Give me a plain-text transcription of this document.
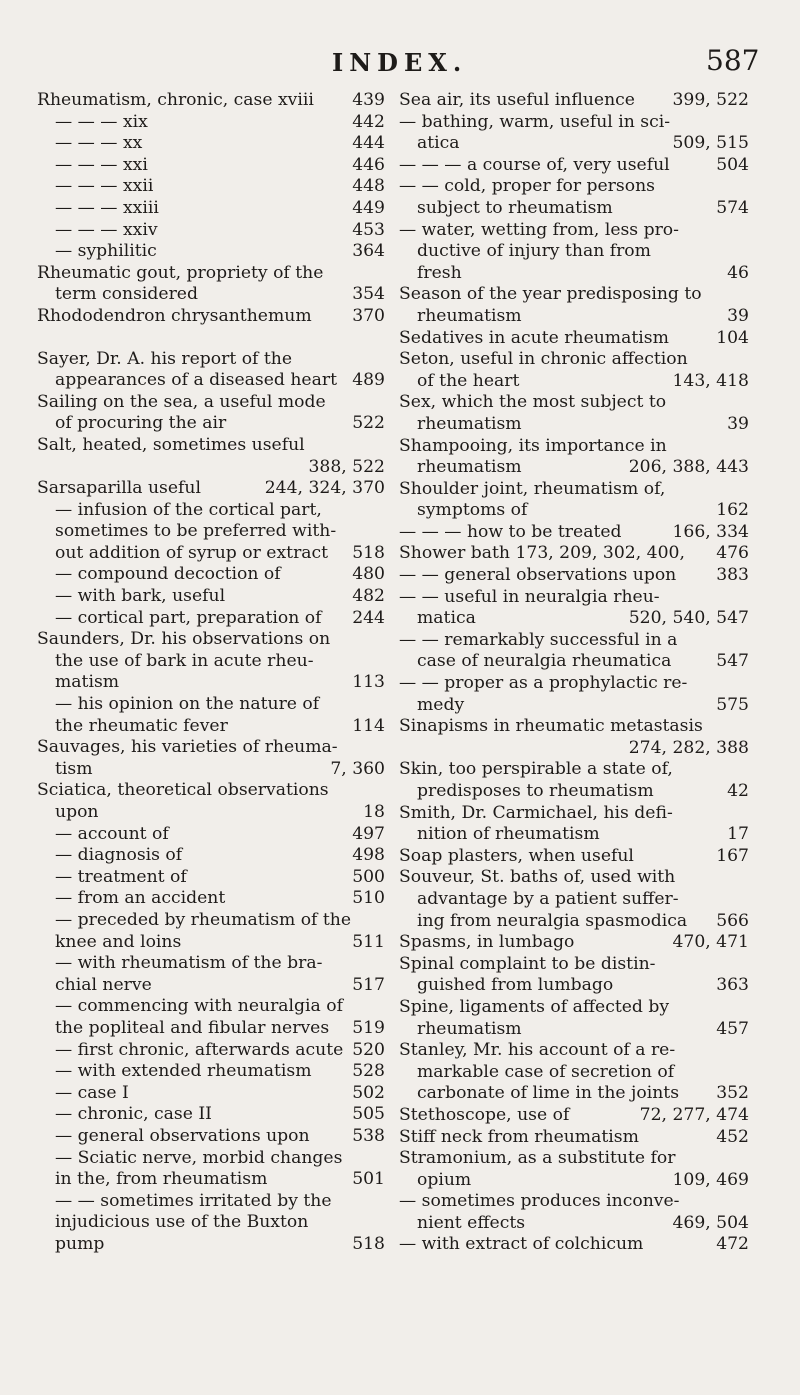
INDEX.	587
Rheumatism, chronic, case xviii	439
— — — xix	442
— — — xx	444
— — — xxi	446
— — — xxii	448
— — — xxiii	449
— — — xxiv	453
— syphilitic	364
Rheumatic gout, propriety of the
term considered	354
Rhododendron chrysanthemum	370
Sayer, Dr. A. his report of the
appearances of a diseased heart 489
Sailing on the sea, a useful mode
of procuring the air	522
Salt, heated, sometimes useful
388, 522
Sarsaparilla useful	244, 324, 370
— infusion of the cortical part,
sometimes to be preferred with-
out addition of syrup or extract	518
— compound decoction of	480
— with bark, useful	482
— cortical part, preparation of	244
Saunders, Dr. his observations on
the use of bark in acute rheu-
matism	113
— his opinion on the nature of
the rheumatic fever	114
Sauvages, his varieties of rheuma-
tism	7, 360
Sciatica, theoretical observations
upon	18
— account of	497
— diagnosis of	498
— treatment of	500
— from an accident	510
— preceded by rheumatism of the
knee and loins	511
— with rheumatism of the bra-
chial nerve	517
— commencing with neuralgia of
the popliteal and fibular nerves	519
— first chronic, afterwards acute 520
— with extended rheumatism	528
— case I	502
— chronic, case II	505
— general observations upon	538
— Sciatic nerve, morbid changes
in the, from rheumatism	501
— — sometimes irritated by the
injudicious use of the Buxton
pump	518
Sea air, its useful influence	399, 522
— bathing, warm, useful in sci-
atica	509, 515
— — — a course of, very useful	504
— — cold, proper for persons
subject to rheumatism	574
— water, wetting from, less pro-
ductive of injury than from
fresh	46
Season of the year predisposing to
rheumatism	39
Sedatives in acute rheumatism	104
Seton, useful in chronic affection
of the heart	143, 418
Sex, which the most subject to
rheumatism	39
Shampooing, its importance in
rheumatism	206, 388, 443
Shoulder joint, rheumatism of,
symptoms of	162
— — — how to be treated	166, 334
Shower bath 173, 209, 302, 400,	476
— — general observations upon	383
— — useful in neuralgia rheu-
matica	520, 540, 547
— — remarkably successful in a
case of neuralgia rheumatica	547
— — proper as a prophylactic re-
medy	575
Sinapisms in rheumatic metastasis
274, 282, 388
Skin, too perspirable a state of,
predisposes to rheumatism	42
Smith, Dr. Carmichael, his defi-
nition of rheumatism	17
Soap plasters, when useful	167
Souveur, St. baths of, used with
advantage by a patient suffer-
ing from neuralgia spasmodica	566
Spasms, in lumbago	470, 471
Spinal complaint to be distin-
guished from lumbago	363
Spine, ligaments of affected by
rheumatism	457
Stanley, Mr. his account of a re-
markable case of secretion of
carbonate of lime in the joints	352
Stethoscope, use of	72, 277, 474
Stiff neck from rheumatism	452
Stramonium, as a substitute for
opium	109, 469
— sometimes produces inconve-
nient effects	469, 504
— with extract of colchicum	472
